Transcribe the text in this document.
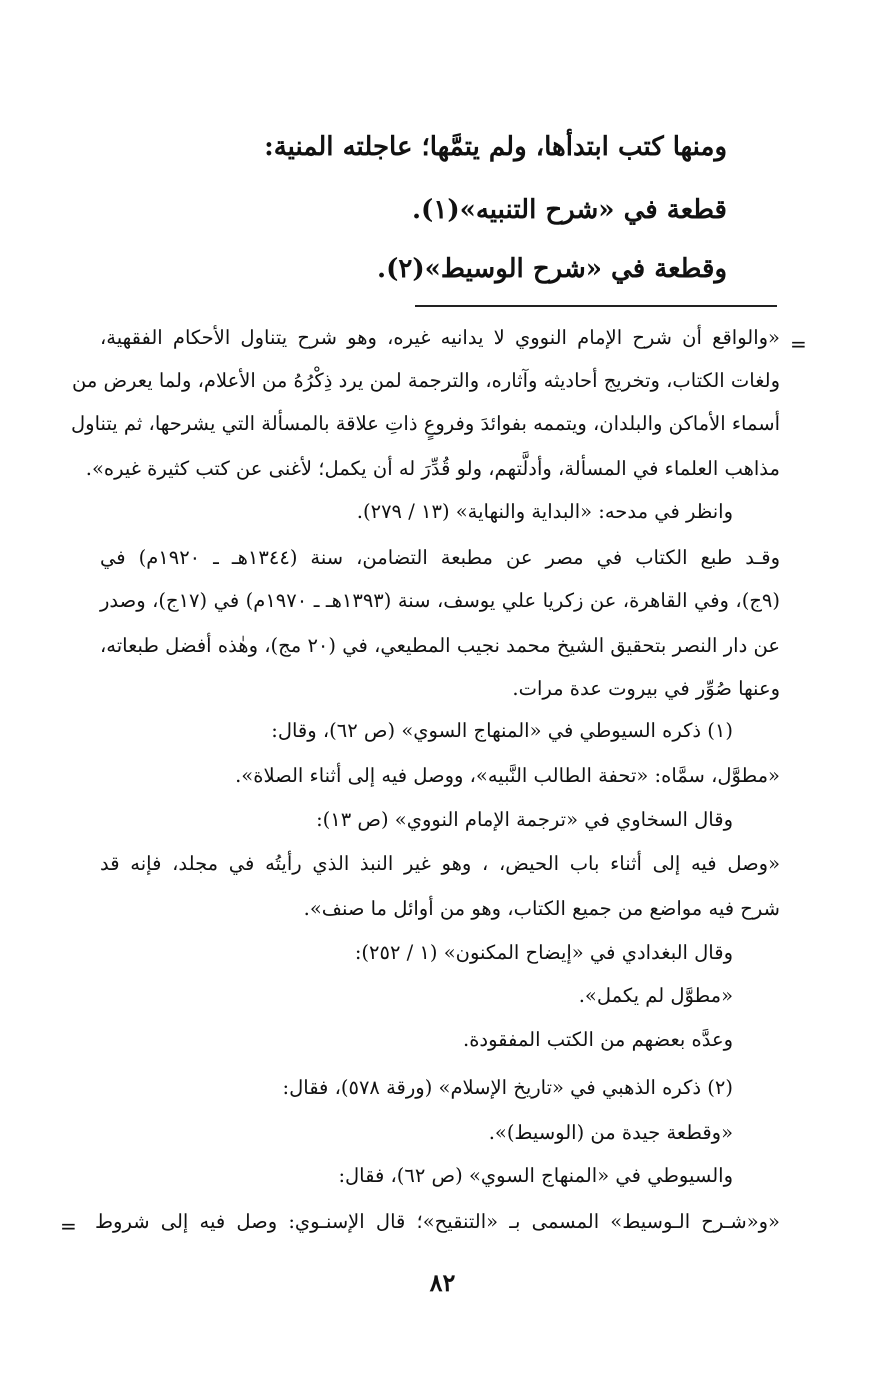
ومنها كتب ابتدأها، ولم يتمَّها؛ عاجلته المنية:
قطعة في «شرح التنبيه»(١).
وقطعة في «شرح الوسيط»(٢).
=
=
«والواقع أن شرح الإمام النووي لا يدانيه غيره، وهو شرح يتناول الأحكام الفقهية،
ولغات الكتاب، وتخريج أحاديثه وآثاره، والترجمة لمن يرد ذِكْرُهُ من الأعلام، ولما يعرض من
أسماء الأماكن والبلدان، ويتممه بفوائدَ وفروعٍ ذاتِ علاقة بالمسألة التي يشرحها، ثم يتناول
مذاهب العلماء في المسألة، وأدلَّتهم، ولو قُدِّرَ له أن يكمل؛ لأغنى عن كتب كثيرة غيره».
وانظر في مدحه: «البداية والنهاية» (١٣ / ٢٧٩).
وقـد طبع الكتاب في مصر عن مطبعة التضامن، سنة (١٣٤٤هـ ـ ١٩٢٠م) في
(٩ج)، وفي القاهرة، عن زكريا علي يوسف، سنة (١٣٩٣هـ ـ ١٩٧٠م) في (١٧ج)، وصدر
عن دار النصر بتحقيق الشيخ محمد نجيب المطيعي، في (٢٠ مج)، وهٰذه أفضل طبعاته،
وعنها صُوِّر في بيروت عدة مرات.
(١) ذكره السيوطي في «المنهاج السوي» (ص ٦٢)، وقال:
«مطوَّل، سمَّاه: «تحفة الطالب النَّبيه»، ووصل فيه إلى أثناء الصلاة».
وقال السخاوي في «ترجمة الإمام النووي» (ص ١٣):
«وصل فيه إلى أثناء باب الحيض، ، وهو غير النبذ الذي رأيتُه في مجلد، فإنه قد
شرح فيه مواضع من جميع الكتاب، وهو من أوائل ما صنف».
وقال البغدادي في «إيضاح المكنون» (١ / ٢٥٢):
«مطوَّل لم يكمل».
وعدَّه بعضهم من الكتب المفقودة.
(٢) ذكره الذهبي في «تاريخ الإسلام» (ورقة ٥٧٨)، فقال:
«وقطعة جيدة من (الوسيط)».
والسيوطي في «المنهاج السوي» (ص ٦٢)، فقال:
«و«شـرح الـوسيط» المسمى بـ «التنقيح»؛ قال الإسنـوي: وصل فيه إلى شروط
٨٢
